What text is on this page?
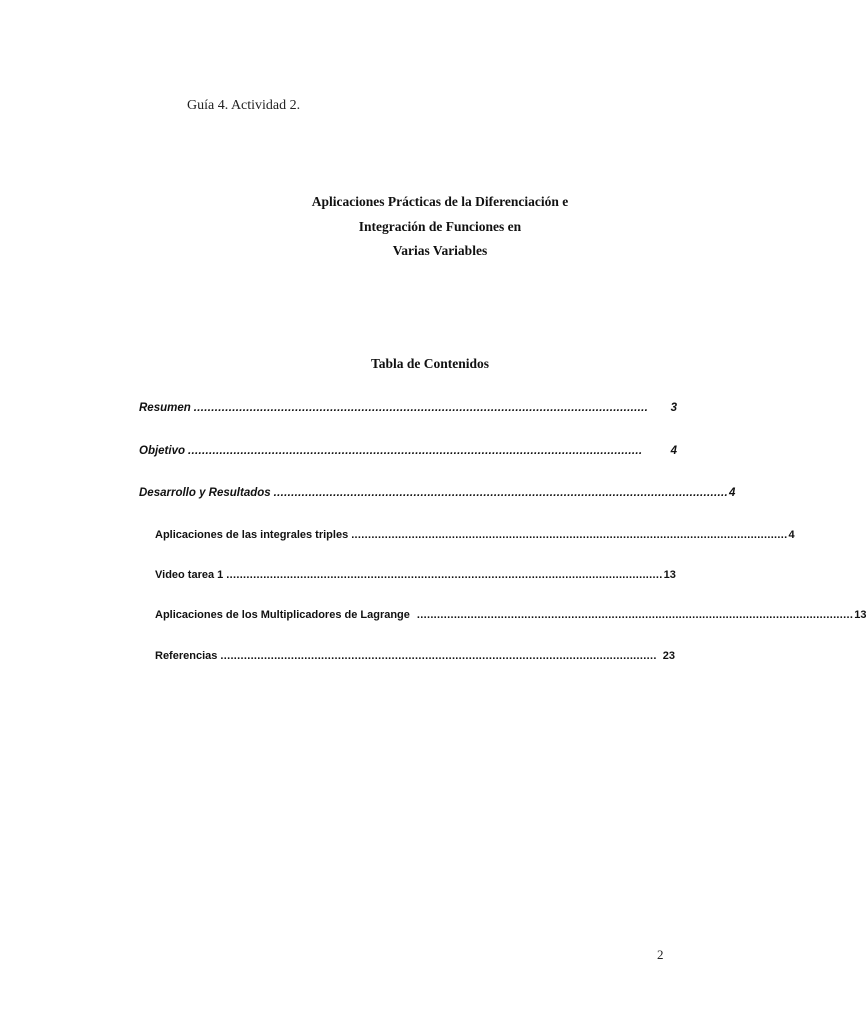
Guía 4. Actividad 2.
Aplicaciones Prácticas de la Diferenciación e
Integración de Funciones en
Varias Variables
Tabla de Contenidos
Resumen ..................................................................................................................................	3
Objetivo ..................................................................................................................................	4
Desarrollo y Resultados .................................................................................................................................. 4
Aplicaciones de las integrales triples .................................................................................................................................. 4
Video tarea 1 .................................................................................................................................. 13
Aplicaciones de los Multiplicadores de Lagrange .................................................................................................................................. 13
Referencias .................................................................................................................................. 23
2
